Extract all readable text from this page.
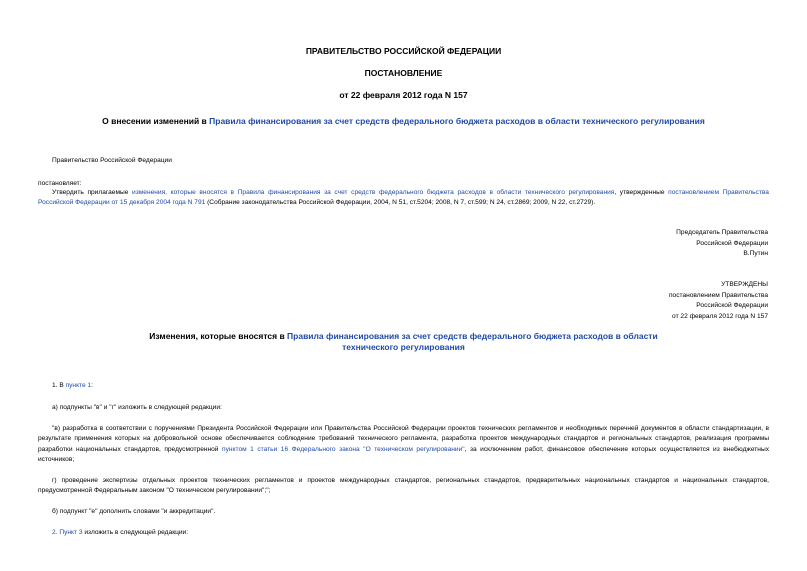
ПРАВИТЕЛЬСТВО РОССИЙСКОЙ ФЕДЕРАЦИИ
ПОСТАНОВЛЕНИЕ
от 22 февраля 2012 года N 157
О внесении изменений в Правила финансирования за счет средств федерального бюджета расходов в области технического регулирования
Правительство Российской Федерации
постановляет:
Утвердить прилагаемые изменения, которые вносятся в Правила финансирования за счет средств федерального бюджета расходов в области технического регулирования, утвержденные постановлением Правительства Российской Федерации от 15 декабря 2004 года N 791 (Собрание законодательства Российской Федерации, 2004, N 51, ст.5204; 2008, N 7, ст.599; N 24, ст.2869; 2009, N 22, ст.2729).
Председатель Правительства
Российской Федерации
В.Путин
УТВЕРЖДЕНЫ
постановлением Правительства
Российской Федерации
от 22 февраля 2012 года N 157
Изменения, которые вносятся в Правила финансирования за счет средств федерального бюджета расходов в области технического регулирования
1. В пункте 1:
а) подпункты "в" и "г" изложить в следующей редакции:
"в) разработка в соответствии с поручениями Президента Российской Федерации или Правительства Российской Федерации проектов технических регламентов и необходимых перечней документов в области стандартизации, в результате применения которых на добровольной основе обеспечивается соблюдение требований технического регламента, разработка проектов международных стандартов и региональных стандартов, реализация программы разработки национальных стандартов, предусмотренной пунктом 1 статьи 16 Федерального закона "О техническом регулировании", за исключением работ, финансовое обеспечение которых осуществляется из внебюджетных источников;
г) проведение экспертизы отдельных проектов технических регламентов и проектов международных стандартов, региональных стандартов, предварительных национальных стандартов и национальных стандартов, предусмотренной Федеральным законом "О техническом регулировании";";
б) подпункт "е" дополнить словами "и аккредитации".
2. Пункт 3 изложить в следующей редакции:
